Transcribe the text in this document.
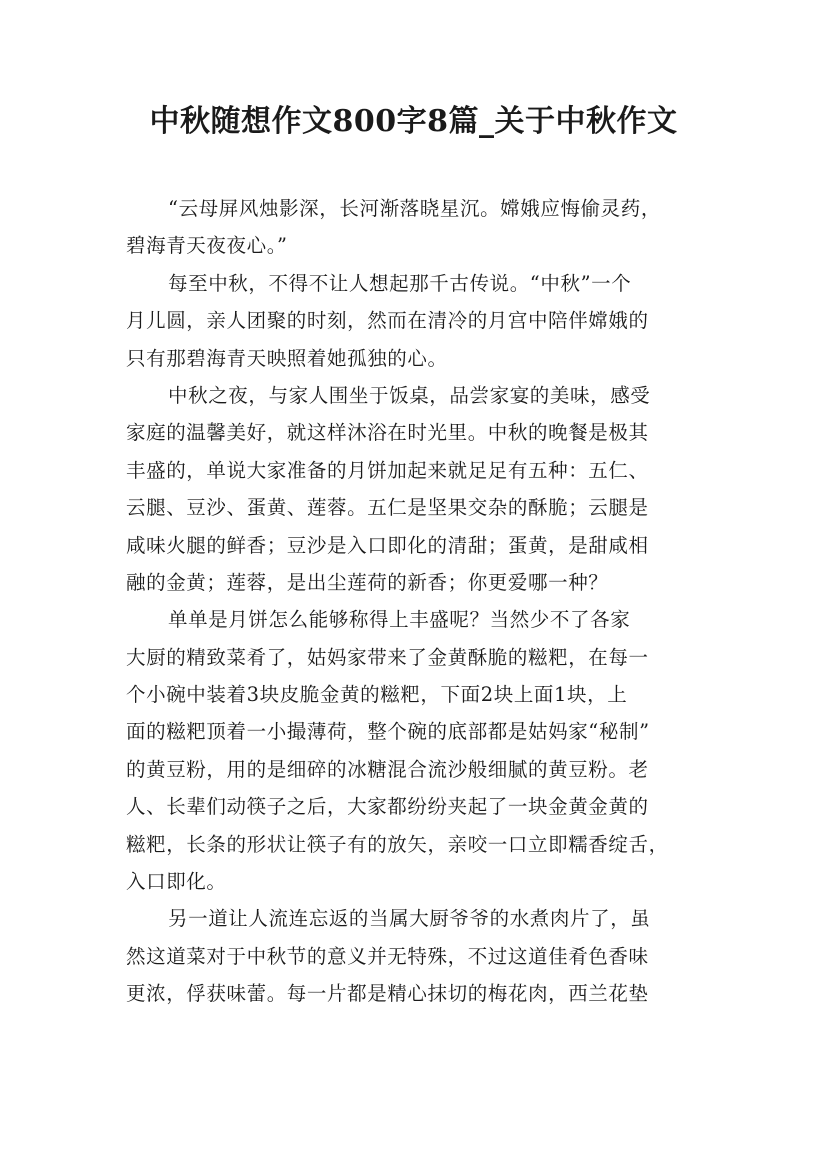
中秋随想作文800字8篇_关于中秋作文
“云母屏风烛影深，长河渐落晓星沉。嫦娥应悔偷灵药，
碧海青天夜夜心。”
每至中秋，不得不让人想起那千古传说。“中秋”一个
月儿圆，亲人团聚的时刻，然而在清冷的月宫中陪伴嫦娥的
只有那碧海青天映照着她孤独的心。
中秋之夜，与家人围坐于饭桌，品尝家宴的美味，感受
家庭的温馨美好，就这样沐浴在时光里。中秋的晚餐是极其
丰盛的，单说大家准备的月饼加起来就足足有五种：五仁、
云腿、豆沙、蛋黄、莲蓉。五仁是坚果交杂的酥脆；云腿是
咸味火腿的鲜香；豆沙是入口即化的清甜；蛋黄，是甜咸相
融的金黄；莲蓉，是出尘莲荷的新香；你更爱哪一种？
单单是月饼怎么能够称得上丰盛呢？当然少不了各家
大厨的精致菜肴了，姑妈家带来了金黄酥脆的糍粑，在每一
个小碗中装着3块皮脆金黄的糍粑，下面2块上面1块，上
面的糍粑顶着一小撮薄荷，整个碗的底部都是姑妈家“秘制”
的黄豆粉，用的是细碎的冰糖混合流沙般细腻的黄豆粉。老
人、长辈们动筷子之后，大家都纷纷夹起了一块金黄金黄的
糍粑，长条的形状让筷子有的放矢，亲咬一口立即糯香绽舌，
入口即化。
另一道让人流连忘返的当属大厨爷爷的水煮肉片了，虽
然这道菜对于中秋节的意义并无特殊，不过这道佳肴色香味
更浓，俘获味蕾。每一片都是精心抹切的梅花肉，西兰花垫
